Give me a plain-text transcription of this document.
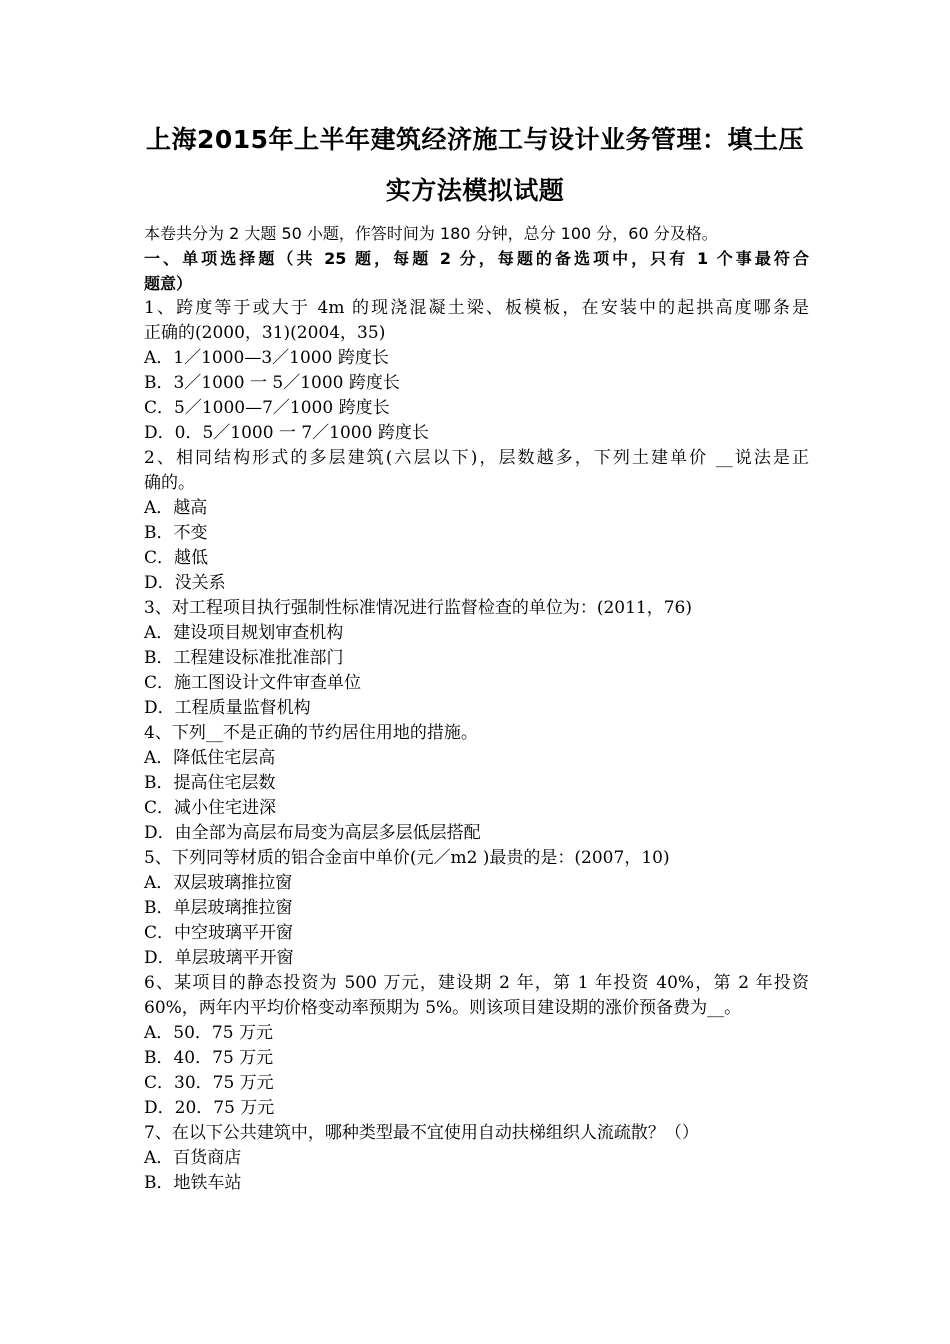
上海2015年上半年建筑经济施工与设计业务管理：填土压
实方法模拟试题
本卷共分为 2 大题 50 小题，作答时间为 180 分钟，总分 100 分，60 分及格。
一、单项选择题（共 25 题，每题 2 分，每题的备选项中，只有 1 个事最符合
题意）
1、跨度等于或大于 4m 的现浇混凝土梁、板模板，在安装中的起拱高度哪条是
正确的(2000，31)(2004，35)
A．1／1000—3／1000 跨度长
B．3／1000 一 5／1000 跨度长
C．5／1000—7／1000 跨度长
D．0．5／1000 一 7／1000 跨度长
2、相同结构形式的多层建筑(六层以下)，层数越多，下列土建单价 __说法是正
确的。
A．越高
B．不变
C．越低
D．没关系
3、对工程项目执行强制性标准情况进行监督检查的单位为：(2011，76)
A．建设项目规划审查机构
B．工程建设标准批准部门
C．施工图设计文件审查单位
D．工程质量监督机构
4、下列__不是正确的节约居住用地的措施。
A．降低住宅层高
B．提高住宅层数
C．减小住宅进深
D．由全部为高层布局变为高层多层低层搭配
5、下列同等材质的铝合金亩中单价(元／m2 )最贵的是：(2007，10)
A．双层玻璃推拉窗
B．单层玻璃推拉窗
C．中空玻璃平开窗
D．单层玻璃平开窗
6、某项目的静态投资为 500 万元，建设期 2 年，第 1 年投资 40%，第 2 年投资
60%，两年内平均价格变动率预期为 5%。则该项目建设期的涨价预备费为__。
A．50．75 万元
B．40．75 万元
C．30．75 万元
D．20．75 万元
7、在以下公共建筑中，哪种类型最不宜使用自动扶梯组织人流疏散？（）
A．百货商店
B．地铁车站
